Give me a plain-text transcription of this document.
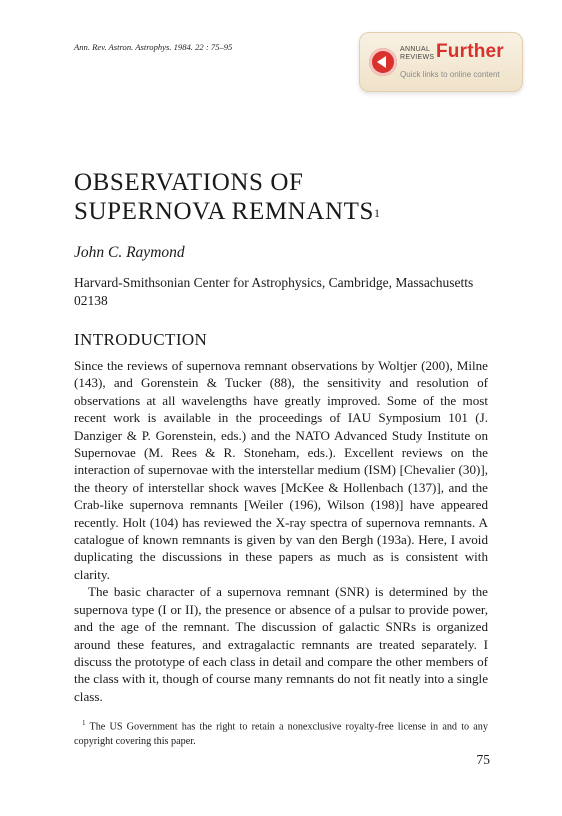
Ann. Rev. Astron. Astrophys. 1984. 22 : 75–95	ANNUAL
REVIEWS Further
Quick links to online content
OBSERVATIONS OF
SUPERNOVA REMNANTS$^1$
John C. Raymond
Harvard-Smithsonian Center for Astrophysics, Cambridge, Massachusetts 02138
INTRODUCTION

Since the reviews of supernova remnant observations by Woltjer (200), Milne (143), and Gorenstein & Tucker (88), the sensitivity and resolution of observations at all wavelengths have greatly improved. Some of the most recent work is available in the proceedings of IAU Symposium 101 (J. Danziger & P. Gorenstein, eds.) and the NATO Advanced Study Institute on Supernovae (M. Rees & R. Stoneham, eds.). Excellent reviews on the interaction of supernovae with the interstellar medium (ISM) [Chevalier (30)], the theory of interstellar shock waves [McKee & Hollenbach (137)], and the Crab-like supernova remnants [Weiler (196), Wilson (198)] have appeared recently. Holt (104) has reviewed the X-ray spectra of supernova remnants. A catalogue of known remnants is given by van den Bergh (193a). Here, I avoid duplicating the discussions in these papers as much as is consistent with clarity.

The basic character of a supernova remnant (SNR) is determined by the supernova type (I or II), the presence or absence of a pulsar to provide power, and the age of the remnant. The discussion of galactic SNRs is organized around these features, and extragalactic remnants are treated separately. I discuss the prototype of each class in detail and compare the other members of the class with it, though of course many remnants do not fit neatly into a single class.

$^1$ The US Government has the right to retain a nonexclusive royalty-free license in and to any copyright covering this paper.
75
